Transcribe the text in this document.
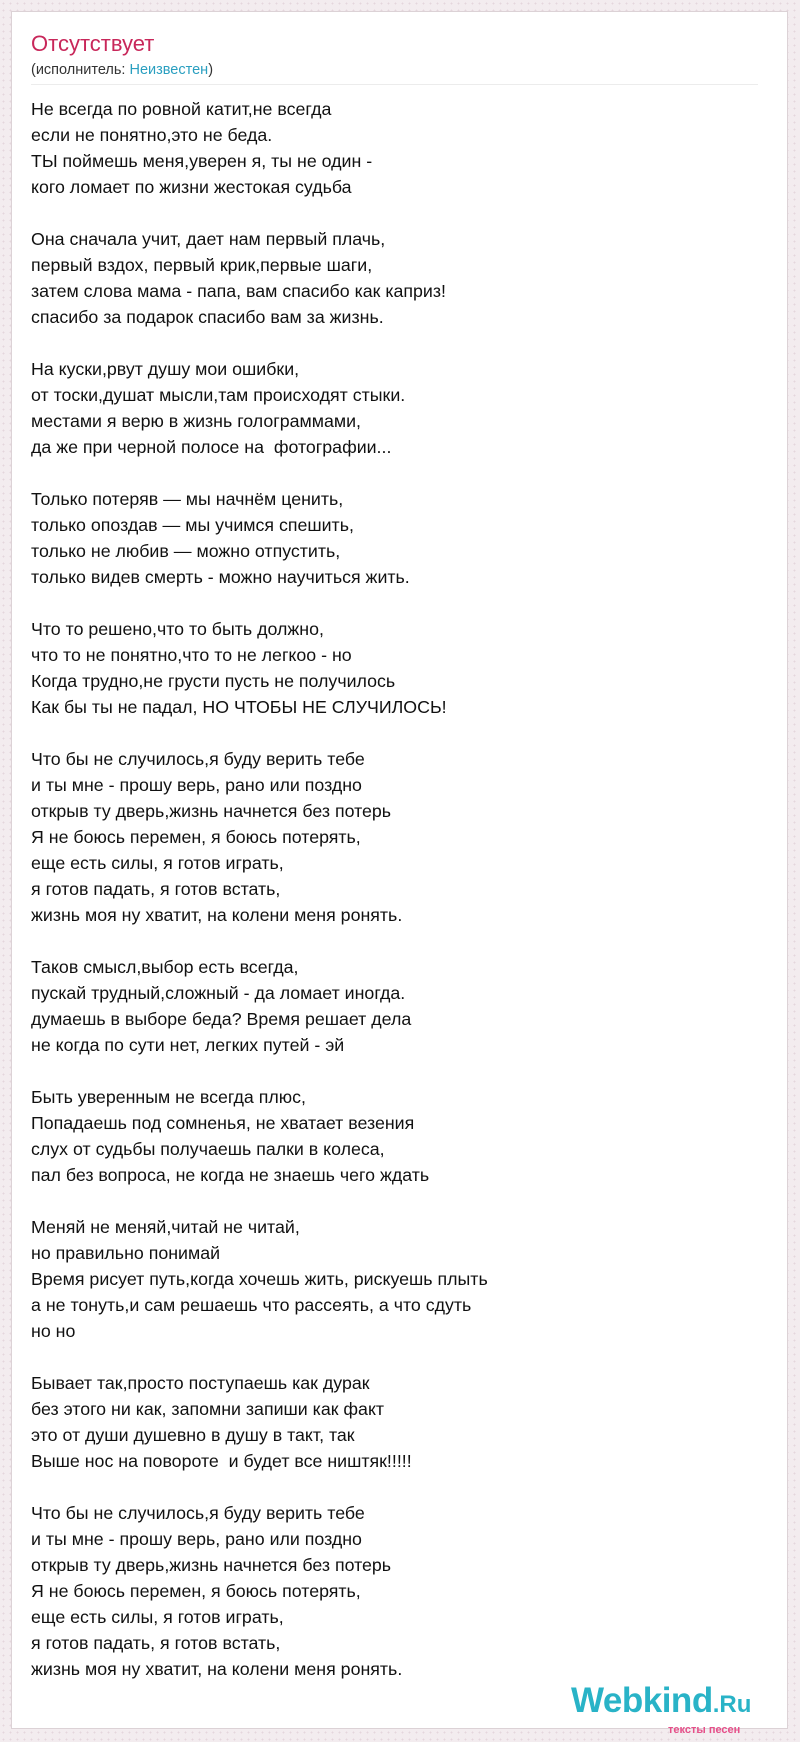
Отсутствует
(исполнитель: Неизвестен)
Не всегда по ровной катит,не всегда
если не понятно,это не беда.
ТЫ поймешь меня,уверен я, ты не один -
кого ломает по жизни жестокая судьба
Она сначала учит, дает нам первый плачь,
первый вздох, первый крик,первые шаги,
затем слова мама - папа, вам спасибо как каприз!
спасибо за подарок спасибо вам за жизнь.
На куски,рвут душу мои ошибки,
от тоски,душат мысли,там происходят стыки.
местами я верю в жизнь голограммами,
да же при черной полосе на  фотографии...
Только потеряв — мы начнём ценить,
только опоздав — мы учимся спешить,
только не любив — можно отпустить,
только видев смерть - можно научиться жить.
Что то решено,что то быть должно,
что то не понятно,что то не легкоо - но
Когда трудно,не грусти пусть не получилось
Как бы ты не падал, НО ЧТОБЫ НЕ СЛУЧИЛОСЬ!
Что бы не случилось,я буду верить тебе
и ты мне - прошу верь, рано или поздно
открыв ту дверь,жизнь начнется без потерь
Я не боюсь перемен, я боюсь потерять,
еще есть силы, я готов играть,
я готов падать, я готов встать,
жизнь моя ну хватит, на колени меня ронять.
Таков смысл,выбор есть всегда,
пускай трудный,сложный - да ломает иногда.
думаешь в выборе беда? Время решает дела
не когда по сути нет, легких путей - эй
Быть уверенным не всегда плюс,
Попадаешь под сомненья, не хватает везения
слух от судьбы получаешь палки в колеса,
пал без вопроса, не когда не знаешь чего ждать
Меняй не меняй,читай не читай,
но правильно понимай
Время рисует путь,когда хочешь жить, рискуешь плыть
а не тонуть,и сам решаешь что рассеять, а что сдуть
но но
Бывает так,просто поступаешь как дурак
без этого ни как, запомни запиши как факт
это от души душевно в душу в такт, так
Выше нос на повороте  и будет все ништяк!!!!!
Что бы не случилось,я буду верить тебе
и ты мне - прошу верь, рано или поздно
открыв ту дверь,жизнь начнется без потерь
Я не боюсь перемен, я боюсь потерять,
еще есть силы, я готов играть,
я готов падать, я готов встать,
жизнь моя ну хватит, на колени меня ронять.
Webkind.Ru
тексты песен
